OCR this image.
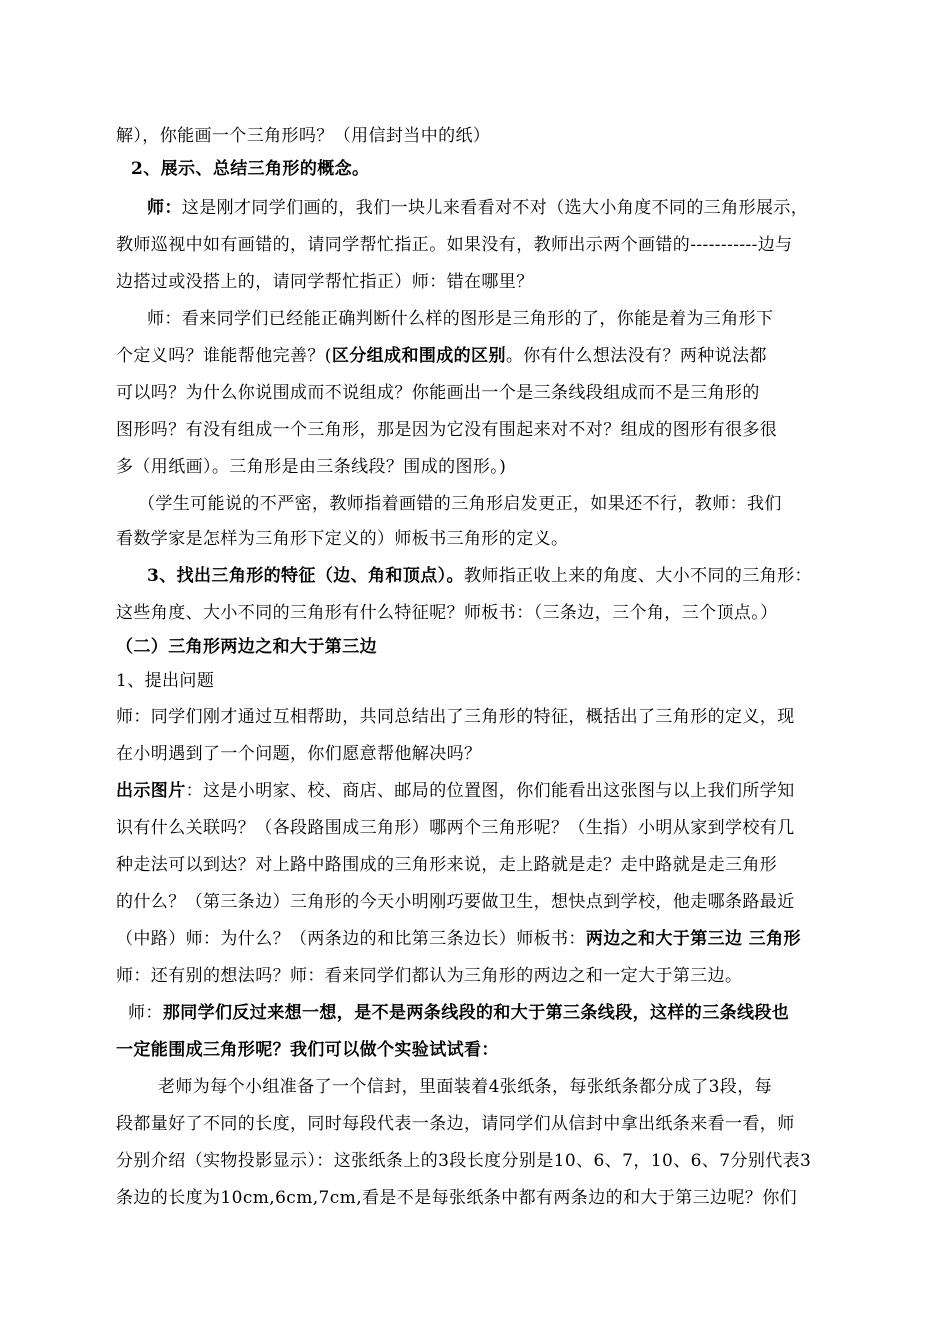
解），你能画一个三角形吗？（用信封当中的纸）
2、展示、总结三角形的概念。
师：这是刚才同学们画的，我们一块儿来看看对不对（选大小角度不同的三角形展示，
教师巡视中如有画错的，请同学帮忙指正。如果没有，教师出示两个画错的-----------边与
边搭过或没搭上的，请同学帮忙指正）师：错在哪里？
师：看来同学们已经能正确判断什么样的图形是三角形的了，你能是着为三角形下
个定义吗？谁能帮他完善？(区分组成和围成的区别。你有什么想法没有？两种说法都
可以吗？为什么你说围成而不说组成？你能画出一个是三条线段组成而不是三角形的
图形吗？有没有组成一个三角形，那是因为它没有围起来对不对？组成的图形有很多很
多（用纸画）。三角形是由三条线段？围成的图形。)
（学生可能说的不严密，教师指着画错的三角形启发更正，如果还不行，教师：我们
看数学家是怎样为三角形下定义的）师板书三角形的定义。
3、找出三角形的特征（边、角和顶点）。教师指正收上来的角度、大小不同的三角形：
这些角度、大小不同的三角形有什么特征呢？师板书：（三条边，三个角，三个顶点。）
（二）三角形两边之和大于第三边
1、提出问题
师：同学们刚才通过互相帮助，共同总结出了三角形的特征，概括出了三角形的定义，现
在小明遇到了一个问题，你们愿意帮他解决吗？
出示图片：这是小明家、校、商店、邮局的位置图，你们能看出这张图与以上我们所学知
识有什么关联吗？（各段路围成三角形）哪两个三角形呢？（生指）小明从家到学校有几
种走法可以到达？对上路中路围成的三角形来说，走上路就是走？走中路就是走三角形
的什么？（第三条边）三角形的今天小明刚巧要做卫生，想快点到学校，他走哪条路最近
（中路）师：为什么？（两条边的和比第三条边长）师板书：两边之和大于第三边 三角形
师：还有别的想法吗？师：看来同学们都认为三角形的两边之和一定大于第三边。
师：那同学们反过来想一想，是不是两条线段的和大于第三条线段，这样的三条线段也
一定能围成三角形呢？我们可以做个实验试试看：
老师为每个小组准备了一个信封，里面装着4张纸条，每张纸条都分成了3段，每
段都量好了不同的长度，同时每段代表一条边，请同学们从信封中拿出纸条来看一看，师
分别介绍（实物投影显示）：这张纸条上的3段长度分别是10、6、7，10、6、7分别代表3
条边的长度为10cm,6cm,7cm,看是不是每张纸条中都有两条边的和大于第三边呢？你们
